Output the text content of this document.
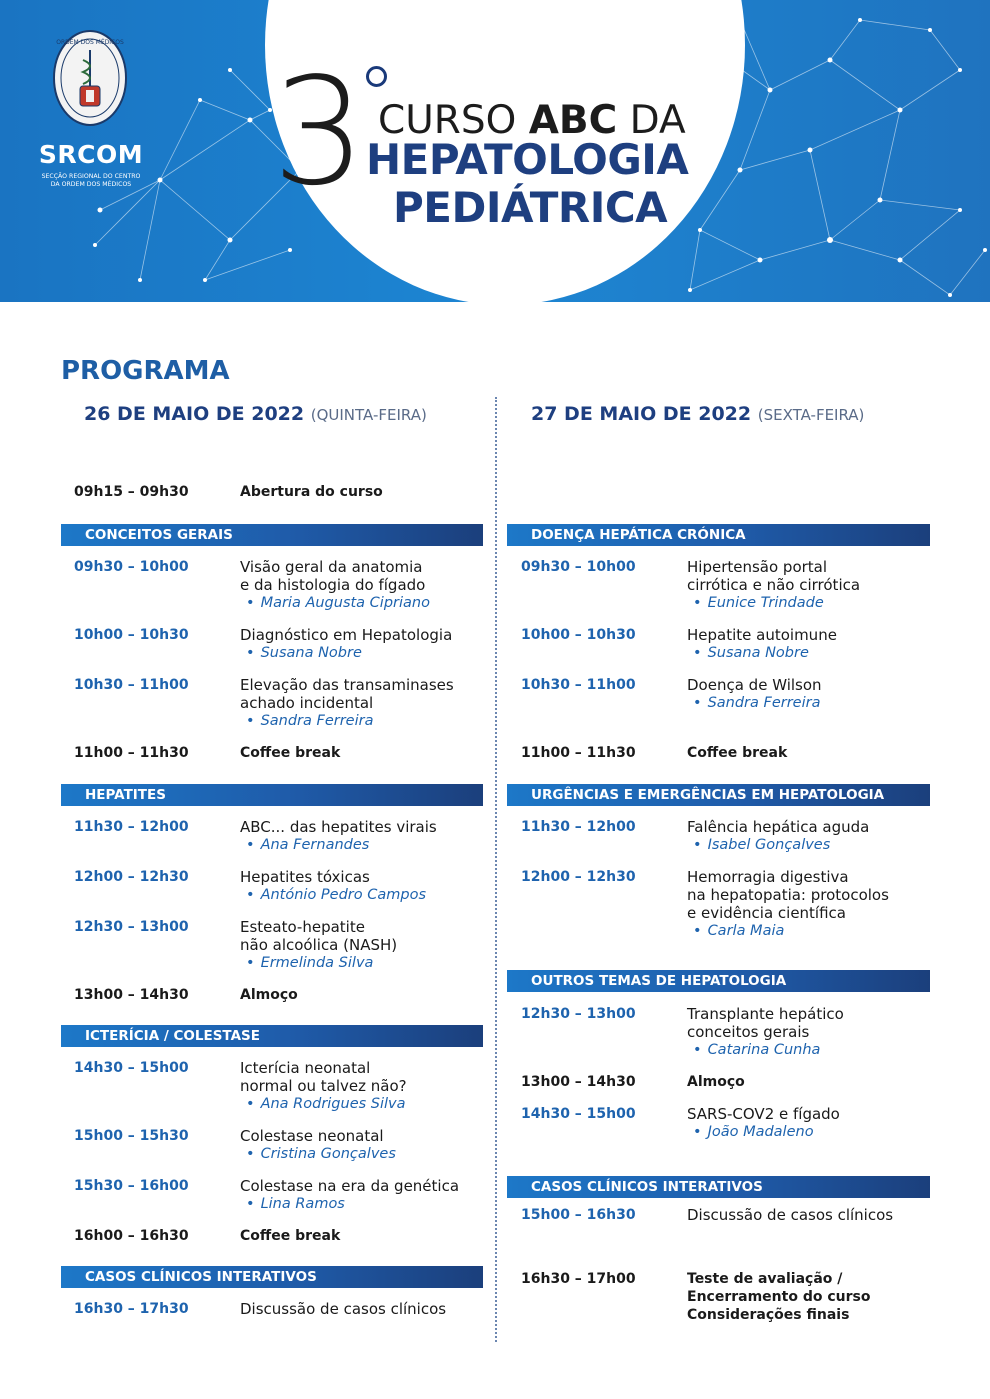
ORDEM DOS MÉDICOS
SRCOM
SECÇÃO REGIONAL DO CENTRO
DA ORDEM DOS MÉDICOS 3 CURSO ABC DA
HEPATOLOGIA
PEDIÁTRICA
PROGRAMA
26 DE MAIO DE 2022 (QUINTA-FEIRA)	27 DE MAIO DE 2022 (SEXTA-FEIRA)
09h15 – 09h30	Abertura do curso
CONCEITOS GERAIS
09h30 – 10h00	Visão geral da anatomia
e da histologia do fígado
• Maria Augusta Cipriano
10h00 – 10h30	Diagnóstico em Hepatologia
• Susana Nobre
10h30 – 11h00	Elevação das transaminases
achado incidental
• Sandra Ferreira
11h00 – 11h30	Coffee break
HEPATITES
11h30 – 12h00	ABC... das hepatites virais
• Ana Fernandes
12h00 – 12h30	Hepatites tóxicas
• António Pedro Campos
12h30 – 13h00	Esteato-hepatite
não alcoólica (NASH)
• Ermelinda Silva
13h00 – 14h30	Almoço
ICTERÍCIA / COLESTASE
14h30 – 15h00	Icterícia neonatal
normal ou talvez não?
• Ana Rodrigues Silva
15h00 – 15h30	Colestase neonatal
• Cristina Gonçalves
15h30 – 16h00	Colestase na era da genética
• Lina Ramos
16h00 – 16h30	Coffee break
CASOS CLÍNICOS INTERATIVOS
16h30 – 17h30	Discussão de casos clínicos
DOENÇA HEPÁTICA CRÓNICA
09h30 – 10h00	Hipertensão portal
cirrótica e não cirrótica
• Eunice Trindade
10h00 – 10h30	Hepatite autoimune
• Susana Nobre
10h30 – 11h00	Doença de Wilson
• Sandra Ferreira
11h00 – 11h30	Coffee break
URGÊNCIAS E EMERGÊNCIAS EM HEPATOLOGIA
11h30 – 12h00	Falência hepática aguda
• Isabel Gonçalves
12h00 – 12h30	Hemorragia digestiva
na hepatopatia: protocolos
e evidência científica
• Carla Maia
OUTROS TEMAS DE HEPATOLOGIA
12h30 – 13h00	Transplante hepático
conceitos gerais
• Catarina Cunha
13h00 – 14h30	Almoço
14h30 – 15h00	SARS-COV2 e fígado
• João Madaleno
CASOS CLÍNICOS INTERATIVOS
15h00 – 16h30	Discussão de casos clínicos
16h30 – 17h00	Teste de avaliação /
Encerramento do curso
Considerações finais
